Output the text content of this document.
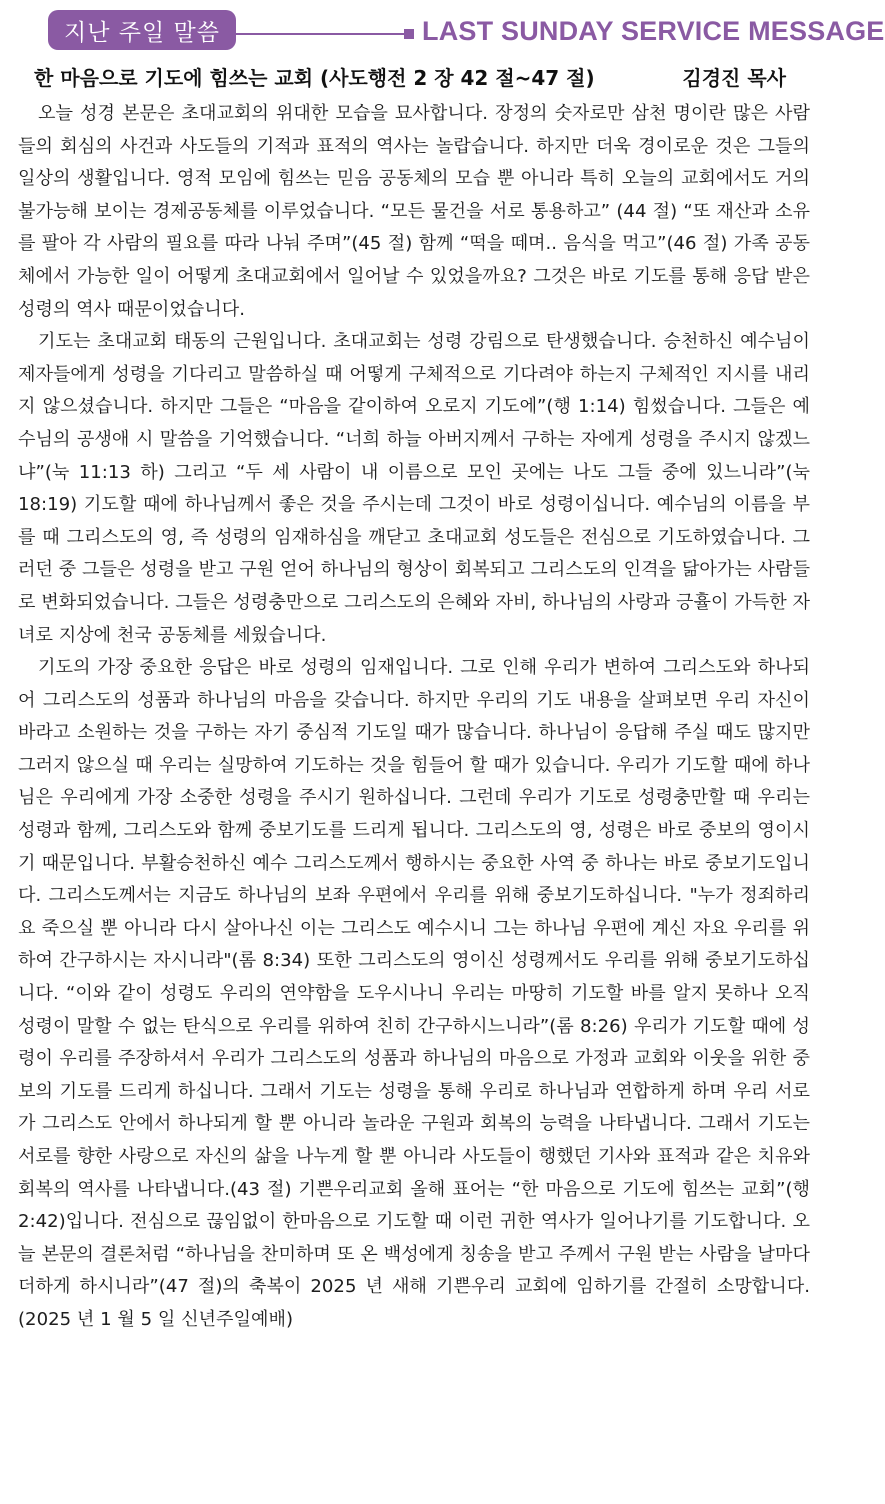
지난 주일 말씀	LAST SUNDAY SERVICE MESSAGE
한 마음으로 기도에 힘쓰는 교회 (사도행전 2 장 42 절~47 절)	김경진 목사

오늘 성경 본문은 초대교회의 위대한 모습을 묘사합니다. 장정의 숫자로만 삼천 명이란 많은 사람들의 회심의 사건과 사도들의 기적과 표적의 역사는 놀랍습니다. 하지만 더욱 경이로운 것은 그들의 일상의 생활입니다. 영적 모임에 힘쓰는 믿음 공동체의 모습 뿐 아니라 특히 오늘의 교회에서도 거의 불가능해 보이는 경제공동체를 이루었습니다. “모든 물건을 서로 통용하고” (44 절) “또 재산과 소유를 팔아 각 사람의 필요를 따라 나눠 주며”(45 절) 함께 “떡을 떼며.. 음식을 먹고”(46 절) 가족 공동체에서 가능한 일이 어떻게 초대교회에서 일어날 수 있었을까요? 그것은 바로 기도를 통해 응답 받은 성령의 역사 때문이었습니다.

기도는 초대교회 태동의 근원입니다. 초대교회는 성령 강림으로 탄생했습니다. 승천하신 예수님이 제자들에게 성령을 기다리고 말씀하실 때 어떻게 구체적으로 기다려야 하는지 구체적인 지시를 내리지 않으셨습니다. 하지만 그들은 “마음을 같이하여 오로지 기도에”(행 1:14) 힘썼습니다. 그들은 예수님의 공생애 시 말씀을 기억했습니다. “너희 하늘 아버지께서 구하는 자에게 성령을 주시지 않겠느냐”(눅 11:13 하) 그리고 “두 세 사람이 내 이름으로 모인 곳에는 나도 그들 중에 있느니라”(눅 18:19) 기도할 때에 하나님께서 좋은 것을 주시는데 그것이 바로 성령이십니다. 예수님의 이름을 부를 때 그리스도의 영, 즉 성령의 임재하심을 깨닫고 초대교회 성도들은 전심으로 기도하였습니다. 그러던 중 그들은 성령을 받고 구원 얻어 하나님의 형상이 회복되고 그리스도의 인격을 닮아가는 사람들로 변화되었습니다. 그들은 성령충만으로 그리스도의 은혜와 자비, 하나님의 사랑과 긍휼이 가득한 자녀로 지상에 천국 공동체를 세웠습니다.

기도의 가장 중요한 응답은 바로 성령의 임재입니다. 그로 인해 우리가 변하여 그리스도와 하나되어 그리스도의 성품과 하나님의 마음을 갖습니다. 하지만 우리의 기도 내용을 살펴보면 우리 자신이 바라고 소원하는 것을 구하는 자기 중심적 기도일 때가 많습니다. 하나님이 응답해 주실 때도 많지만 그러지 않으실 때 우리는 실망하여 기도하는 것을 힘들어 할 때가 있습니다. 우리가 기도할 때에 하나님은 우리에게 가장 소중한 성령을 주시기 원하십니다. 그런데 우리가 기도로 성령충만할 때 우리는 성령과 함께, 그리스도와 함께 중보기도를 드리게 됩니다. 그리스도의 영, 성령은 바로 중보의 영이시기 때문입니다. 부활승천하신 예수 그리스도께서 행하시는 중요한 사역 중 하나는 바로 중보기도입니다. 그리스도께서는 지금도 하나님의 보좌 우편에서 우리를 위해 중보기도하십니다. "누가 정죄하리요 죽으실 뿐 아니라 다시 살아나신 이는 그리스도 예수시니 그는 하나님 우편에 계신 자요 우리를 위하여 간구하시는 자시니라"(롬 8:34) 또한 그리스도의 영이신 성령께서도 우리를 위해 중보기도하십니다. “이와 같이 성령도 우리의 연약함을 도우시나니 우리는 마땅히 기도할 바를 알지 못하나 오직 성령이 말할 수 없는 탄식으로 우리를 위하여 친히 간구하시느니라”(롬 8:26) 우리가 기도할 때에 성령이 우리를 주장하셔서 우리가 그리스도의 성품과 하나님의 마음으로 가정과 교회와 이웃을 위한 중보의 기도를 드리게 하십니다. 그래서 기도는 성령을 통해 우리로 하나님과 연합하게 하며 우리 서로가 그리스도 안에서 하나되게 할 뿐 아니라 놀라운 구원과 회복의 능력을 나타냅니다. 그래서 기도는 서로를 향한 사랑으로 자신의 삶을 나누게 할 뿐 아니라 사도들이 행했던 기사와 표적과 같은 치유와 회복의 역사를 나타냅니다.(43 절) 기쁜우리교회 올해 표어는 “한 마음으로 기도에 힘쓰는 교회”(행 2:42)입니다. 전심으로 끊임없이 한마음으로 기도할 때 이런 귀한 역사가 일어나기를 기도합니다. 오늘 본문의 결론처럼 “하나님을 찬미하며 또 온 백성에게 칭송을 받고 주께서 구원 받는 사람을 날마다 더하게 하시니라”(47 절)의 축복이 2025 년 새해 기쁜우리 교회에 임하기를 간절히 소망합니다. (2025 년 1 월 5 일 신년주일예배)
